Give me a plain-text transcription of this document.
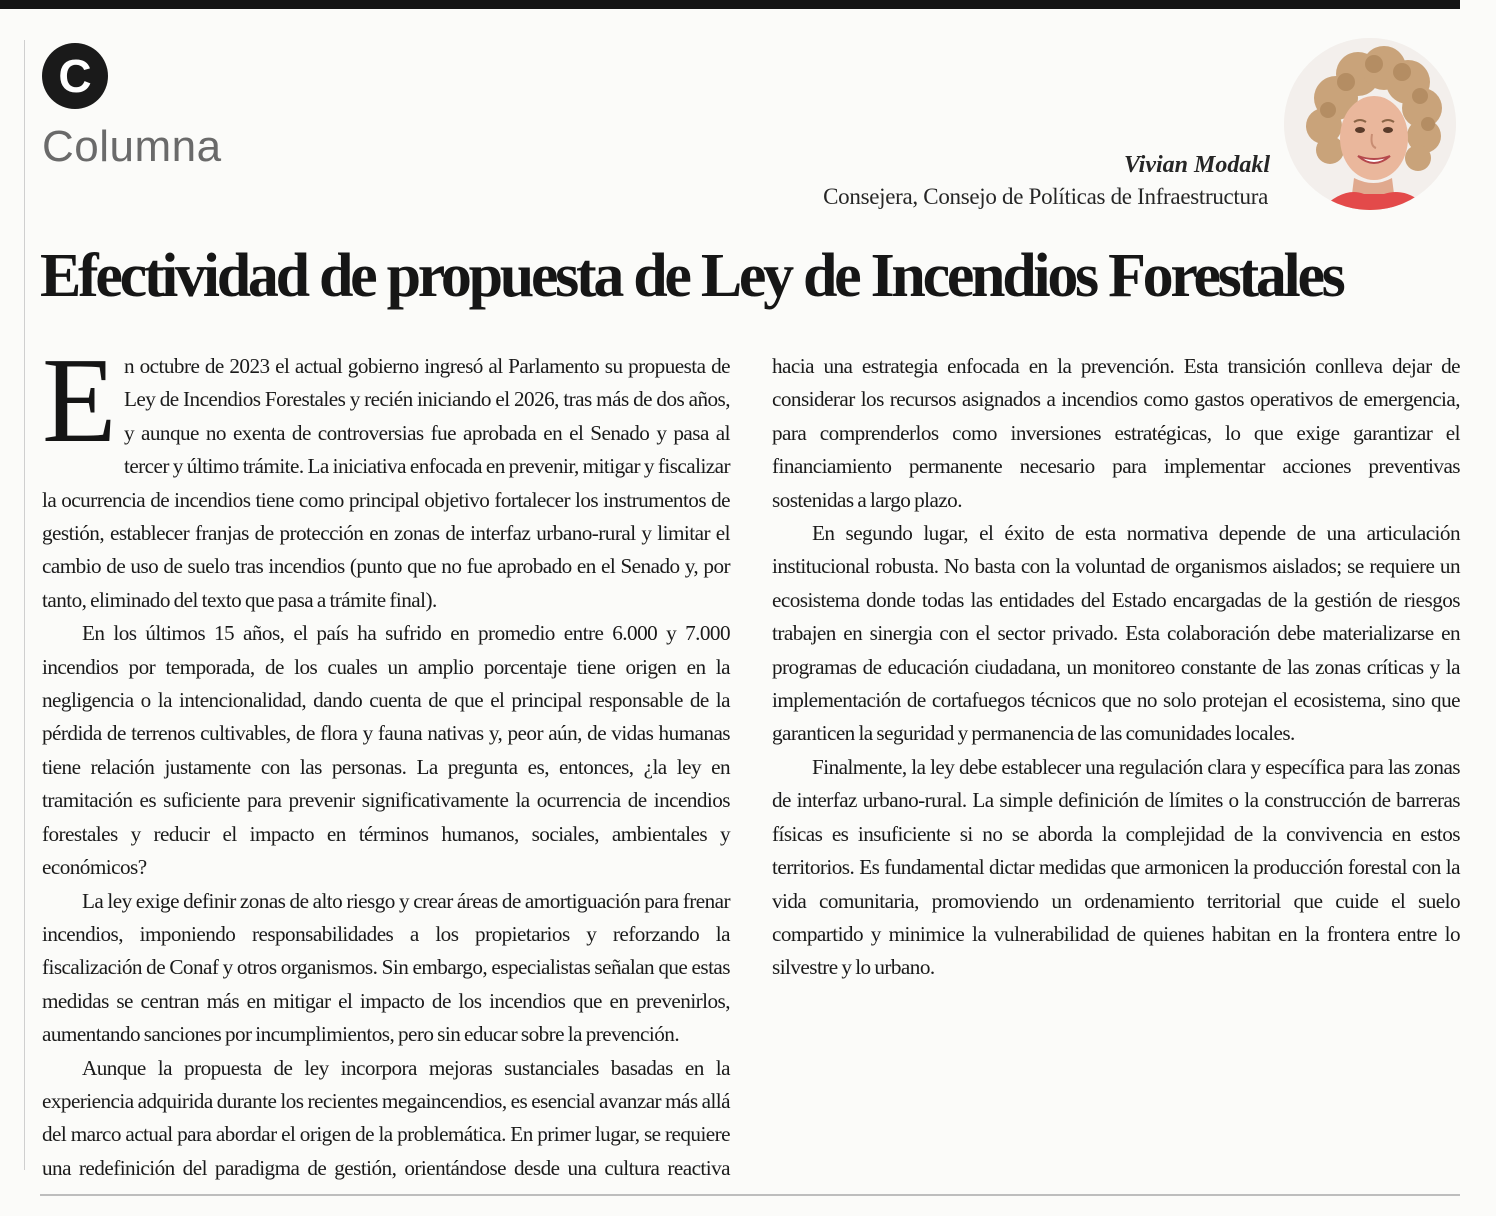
C
Columna	Vivian Modakl
Consejera, Consejo de Políticas de Infraestructura
Efectividad de propuesta de Ley de Incendios Forestales

En octubre de 2023 el actual gobierno ingresó al Parlamento su propuesta de Ley de Incendios Forestales y recién iniciando el 2026, tras más de dos años, y aunque no exenta de controversias fue aprobada en el Senado y pasa al tercer y último trámite. La iniciativa enfocada en prevenir, mitigar y fiscalizar la ocurrencia de incendios tiene como principal objetivo fortalecer los instrumentos de gestión, establecer franjas de protección en zonas de interfaz urbano-rural y limitar el cambio de uso de suelo tras incendios (punto que no fue aprobado en el Senado y, por tanto, eliminado del texto que pasa a trámite final).

En los últimos 15 años, el país ha sufrido en promedio entre 6.000 y 7.000 incendios por temporada, de los cuales un amplio porcentaje tiene origen en la negligencia o la intencionalidad, dando cuenta de que el principal responsable de la pérdida de terrenos cultivables, de flora y fauna nativas y, peor aún, de vidas humanas tiene relación justamente con las personas. La pregunta es, entonces, ¿la ley en tramitación es suficiente para prevenir significativamente la ocurrencia de incendios forestales y reducir el impacto en términos humanos, sociales, ambientales y económicos?

La ley exige definir zonas de alto riesgo y crear áreas de amortiguación para frenar incendios, imponiendo responsabilidades a los propietarios y reforzando la fiscalización de Conaf y otros organismos. Sin embargo, especialistas señalan que estas medidas se centran más en mitigar el impacto de los incendios que en prevenirlos, aumentando sanciones por incumplimientos, pero sin educar sobre la prevención.

Aunque la propuesta de ley incorpora mejoras sustanciales basadas en la experiencia adquirida durante los recientes megaincendios, es esencial avanzar más allá del marco actual para abordar el origen de la problemática. En primer lugar, se requiere una redefinición del paradigma de gestión, orientándose desde una cultura reactiva hacia una estrategia enfocada en la prevención. Esta transición conlleva dejar de considerar los recursos asignados a incendios como gastos operativos de emergencia, para comprenderlos como inversiones estratégicas, lo que exige garantizar el financiamiento permanente necesario para implementar acciones preventivas sostenidas a largo plazo.

En segundo lugar, el éxito de esta normativa depende de una articulación institucional robusta. No basta con la voluntad de organismos aislados; se requiere un ecosistema donde todas las entidades del Estado encargadas de la gestión de riesgos trabajen en sinergia con el sector privado. Esta colaboración debe materializarse en programas de educación ciudadana, un monitoreo constante de las zonas críticas y la implementación de cortafuegos técnicos que no solo protejan el ecosistema, sino que garanticen la seguridad y permanencia de las comunidades locales.

Finalmente, la ley debe establecer una regulación clara y específica para las zonas de interfaz urbano-rural. La simple definición de límites o la construcción de barreras físicas es insuficiente si no se aborda la complejidad de la convivencia en estos territorios. Es fundamental dictar medidas que armonicen la producción forestal con la vida comunitaria, promoviendo un ordenamiento territorial que cuide el suelo compartido y minimice la vulnerabilidad de quienes habitan en la frontera entre lo silvestre y lo urbano.
